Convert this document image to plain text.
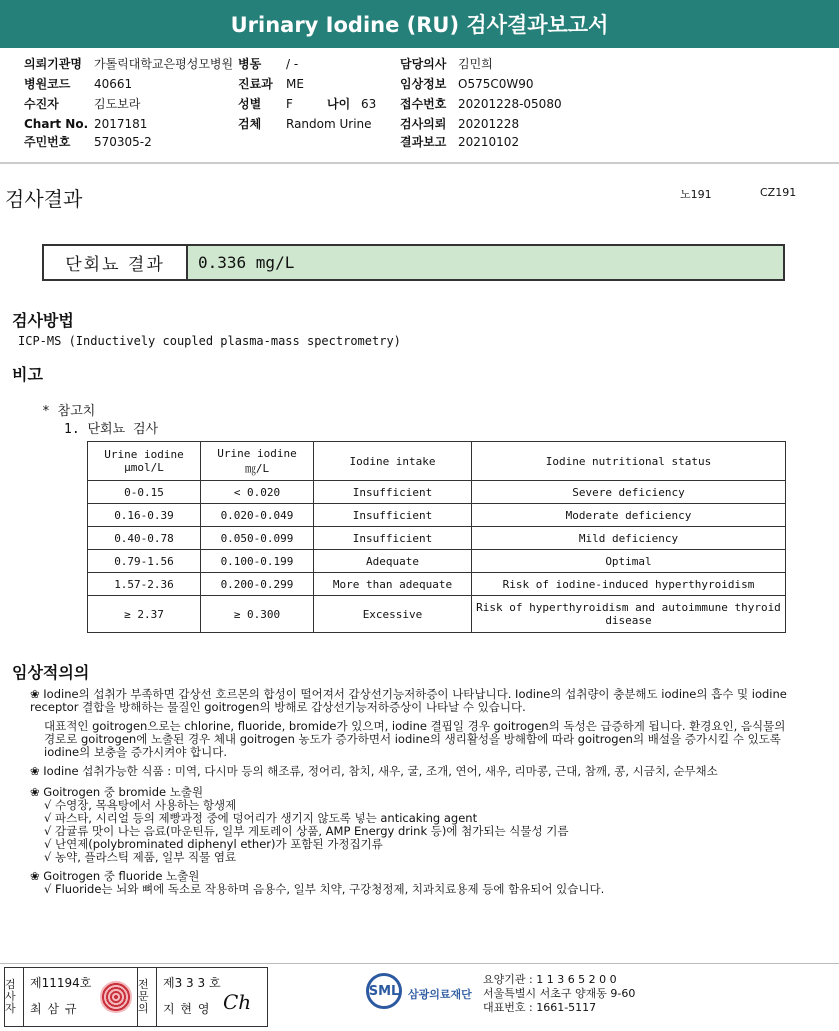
Urinary Iodine (RU) 검사결과보고서
의뢰기관명 가톨릭대학교은평성모병원 병동 / -	담당의사 김민희
병원코드 40661	진료과 ME	임상정보 O575C0W90
수진자	김도보라	성별 F	나이 63 접수번호 20201228-05080
Chart No. 2017181	검체 Random Urine 검사의뢰 20201228
주민번호 570305-2	결과보고 20210102
검사결과	노191	CZ191
단회뇨 결과	0.336 mg/L
검사방법
ICP-MS (Inductively coupled plasma-mass spectrometry)
비고
* 참고치
1. 단회뇨 검사
Urine iodine μmol/L	Urine iodine ㎎/L	Iodine intake	Iodine nutritional status
0-0.15	< 0.020	Insufficient	Severe deficiency
0.16-0.39	0.020-0.049	Insufficient	Moderate deficiency
0.40-0.78	0.050-0.099	Insufficient	Mild deficiency
0.79-1.56	0.100-0.199	Adequate	Optimal
1.57-2.36	0.200-0.299	More than adequate	Risk of iodine-induced hyperthyroidism
≥ 2.37	≥ 0.300	Excessive	Risk of hyperthyroidism and autoimmune thyroid disease
임상적의의

❀ Iodine의 섭취가 부족하면 갑상선 호르몬의 합성이 떨어져서 갑상선기능저하증이 나타납니다. Iodine의 섭취량이 충분해도 iodine의 흡수 및 iodine receptor 결합을 방해하는 물질인 goitrogen의 방해로 갑상선기능저하증상이 나타날 수 있습니다.

대표적인 goitrogen으로는 chlorine, fluoride, bromide가 있으며, iodine 결핍일 경우 goitrogen의 독성은 급증하게 됩니다. 환경요인, 음식물의 경로로 goitrogen에 노출된 경우 체내 goitrogen 농도가 증가하면서 iodine의 생리활성을 방해함에 따라 goitrogen의 배설을 증가시킬 수 있도록 iodine의 보충을 증가시켜야 합니다.

❀ Iodine 섭취가능한 식품 : 미역, 다시마 등의 해조류, 정어리, 참치, 새우, 굴, 조개, 연어, 새우, 리마콩, 근대, 참깨, 콩, 시금치, 순무채소

❀ Goitrogen 중 bromide 노출원

√ 수영장, 목욕탕에서 사용하는 항생제

√ 파스타, 시리얼 등의 제빵과정 중에 덩어리가 생기지 않도록 넣는 anticaking agent

√ 감귤류 맛이 나는 음료(마운틴듀, 일부 게토레이 상품, AMP Energy drink 등)에 첨가되는 식물성 기름

√ 난연제(polybrominated diphenyl ether)가 포함된 가정집기류

√ 농약, 플라스틱 제품, 일부 직물 염료

❀ Goitrogen 중 fluoride 노출원

√ Fluoride는 뇌와 뼈에 독소로 작용하며 음용수, 일부 치약, 구강청정제, 치과치료용제 등에 함유되어 있습니다.

검사자
제11194호
최 삼 규
전문의
제3 3 3 호
지 현 영 Ch	SML 삼광의료재단
요양기관 : 1 1 3 6 5 2 0 0
서울특별시 서초구 양재동 9-60
대표번호 : 1661-5117
